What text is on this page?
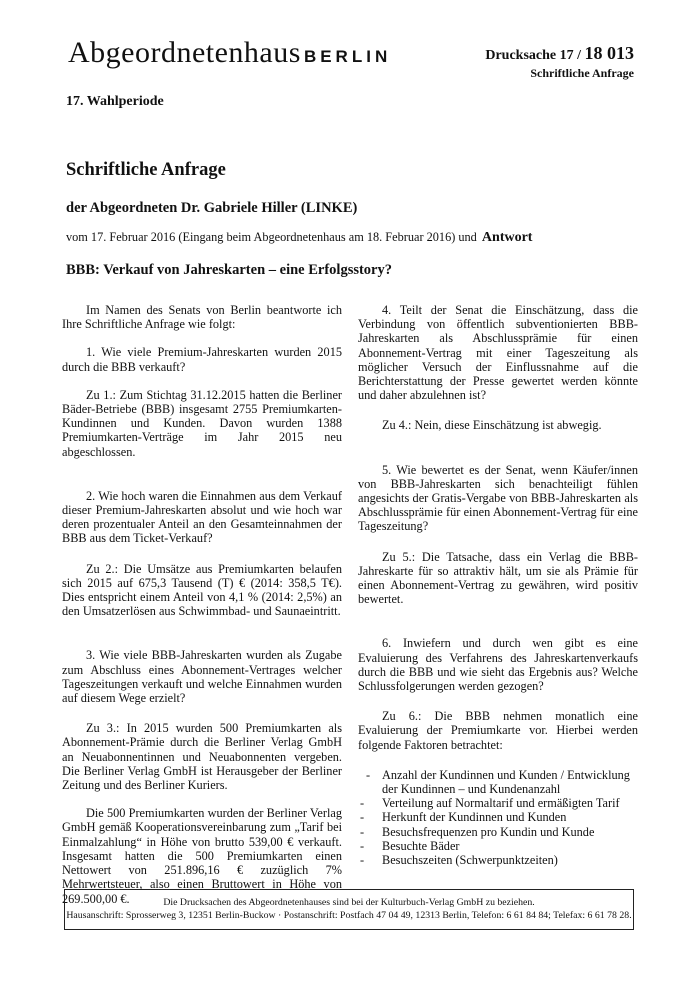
Abgeordnetenhaus BERLIN	Drucksache 17 / 18 013
Schriftliche Anfrage
17. Wahlperiode
Schriftliche Anfrage
der Abgeordneten Dr. Gabriele Hiller (LINKE)
vom 17. Februar 2016 (Eingang beim Abgeordnetenhaus am 18. Februar 2016) und Antwort
BBB: Verkauf von Jahreskarten – eine Erfolgsstory?

Im Namen des Senats von Berlin beantworte ich Ihre Schriftliche Anfrage wie folgt:

1. Wie viele Premium-Jahreskarten wurden 2015 durch die BBB verkauft?

Zu 1.: Zum Stichtag 31.12.2015 hatten die Berliner Bäder-Betriebe (BBB) insgesamt 2755 Premiumkarten-Kundinnen und Kunden. Davon wurden 1388 Premiumkarten-Verträge im Jahr 2015 neu abgeschlossen.

2. Wie hoch waren die Einnahmen aus dem Verkauf dieser Premium-Jahreskarten absolut und wie hoch war deren prozentualer Anteil an den Gesamteinnahmen der BBB aus dem Ticket-Verkauf?

Zu 2.: Die Umsätze aus Premiumkarten belaufen sich 2015 auf 675,3 Tausend (T) € (2014: 358,5 T€). Dies entspricht einem Anteil von 4,1 % (2014: 2,5%) an den Umsatzerlösen aus Schwimmbad- und Saunaeintritt.

3. Wie viele BBB-Jahreskarten wurden als Zugabe zum Abschluss eines Abonnement-Vertrages welcher Tageszeitungen verkauft und welche Einnahmen wurden auf diesem Wege erzielt?

Zu 3.: In 2015 wurden 500 Premiumkarten als Abonnement-Prämie durch die Berliner Verlag GmbH an Neuabonnentinnen und Neuabonnenten vergeben. Die Berliner Verlag GmbH ist Herausgeber der Berliner Zeitung und des Berliner Kuriers.

Die 500 Premiumkarten wurden der Berliner Verlag GmbH gemäß Kooperationsvereinbarung zum „Tarif bei Einmalzahlung“ in Höhe von brutto 539,00 € verkauft. Insgesamt hatten die 500 Premiumkarten einen Nettowert von 251.896,16 € zuzüglich 7% Mehrwertsteuer, also einen Bruttowert in Höhe von 269.500,00 €.

4. Teilt der Senat die Einschätzung, dass die Verbindung von öffentlich subventionierten BBB-Jahreskarten als Abschlussprämie für einen Abonnement-Vertrag mit einer Tageszeitung als möglicher Versuch der Einflussnahme auf die Berichterstattung der Presse gewertet werden könnte und daher abzulehnen ist?

Zu 4.: Nein, diese Einschätzung ist abwegig.

5. Wie bewertet es der Senat, wenn Käufer/innen von BBB-Jahreskarten sich benachteiligt fühlen angesichts der Gratis-Vergabe von BBB-Jahreskarten als Abschlussprämie für einen Abonnement-Vertrag für eine Tageszeitung?

Zu 5.: Die Tatsache, dass ein Verlag die BBB-Jahreskarte für so attraktiv hält, um sie als Prämie für einen Abonnement-Vertrag zu gewähren, wird positiv bewertet.

6. Inwiefern und durch wen gibt es eine Evaluierung des Verfahrens des Jahreskartenverkaufs durch die BBB und wie sieht das Ergebnis aus? Welche Schlussfolgerungen werden gezogen?

Zu 6.: Die BBB nehmen monatlich eine Evaluierung der Premiumkarte vor. Hierbei werden folgende Faktoren betrachtet:

- Anzahl der Kundinnen und Kunden / Entwicklung der Kundinnen – und Kundenanzahl
- Verteilung auf Normaltarif und ermäßigten Tarif
- Herkunft der Kundinnen und Kunden
- Besuchsfrequenzen pro Kundin und Kunde
- Besuchte Bäder
- Besuchszeiten (Schwerpunktzeiten)
Die Drucksachen des Abgeordnetenhauses sind bei der Kulturbuch-Verlag GmbH zu beziehen.
Hausanschrift: Sprosserweg 3, 12351 Berlin-Buckow · Postanschrift: Postfach 47 04 49, 12313 Berlin, Telefon: 6 61 84 84; Telefax: 6 61 78 28.
